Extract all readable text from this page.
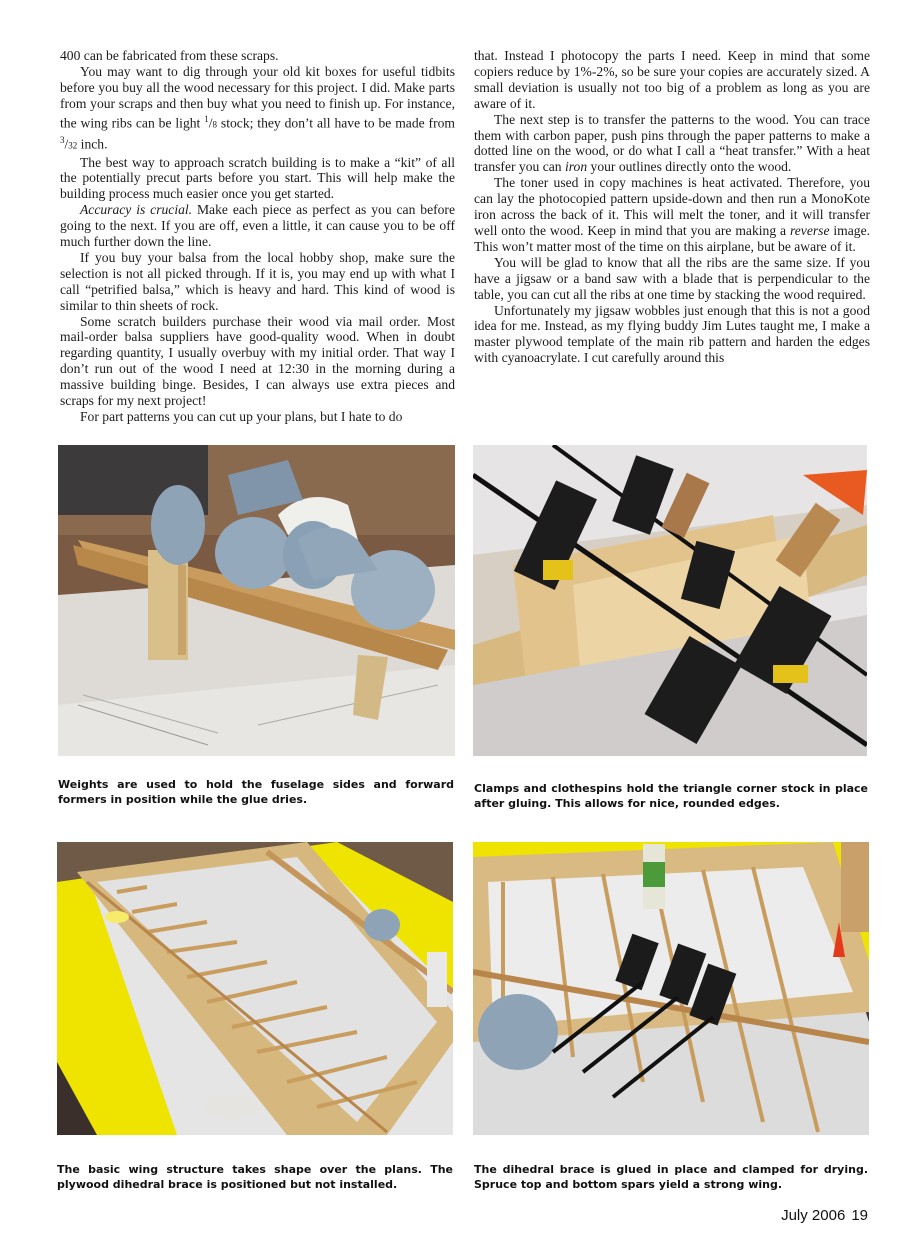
400 can be fabricated from these scraps.

You may want to dig through your old kit boxes for useful tidbits before you buy all the wood necessary for this project. I did. Make parts from your scraps and then buy what you need to finish up. For instance, the wing ribs can be light $^1$/8 stock; they don’t all have to be made from $^3$/32 inch.

The best way to approach scratch building is to make a “kit” of all the potentially precut parts before you start. This will help make the building process much easier once you get started.

Accuracy is crucial. Make each piece as perfect as you can before going to the next. If you are off, even a little, it can cause you to be off much further down the line.

If you buy your balsa from the local hobby shop, make sure the selection is not all picked through. If it is, you may end up with what I call “petrified balsa,” which is heavy and hard. This kind of wood is similar to thin sheets of rock.

Some scratch builders purchase their wood via mail order. Most mail-order balsa suppliers have good-quality wood. When in doubt regarding quantity, I usually overbuy with my initial order. That way I don’t run out of the wood I need at 12:30 in the morning during a massive building binge. Besides, I can always use extra pieces and scraps for my next project!

For part patterns you can cut up your plans, but I hate to do

that. Instead I photocopy the parts I need. Keep in mind that some copiers reduce by 1%-2%, so be sure your copies are accurately sized. A small deviation is usually not too big of a problem as long as you are aware of it.

The next step is to transfer the patterns to the wood. You can trace them with carbon paper, push pins through the paper patterns to make a dotted line on the wood, or do what I call a “heat transfer.” With a heat transfer you can iron your outlines directly onto the wood.

The toner used in copy machines is heat activated. Therefore, you can lay the photocopied pattern upside-down and then run a MonoKote iron across the back of it. This will melt the toner, and it will transfer well onto the wood. Keep in mind that you are making a reverse image. This won’t matter most of the time on this airplane, but be aware of it.

You will be glad to know that all the ribs are the same size. If you have a jigsaw or a band saw with a blade that is perpendicular to the table, you can cut all the ribs at one time by stacking the wood required.

Unfortunately my jigsaw wobbles just enough that this is not a good idea for me. Instead, as my flying buddy Jim Lutes taught me, I make a master plywood template of the main rib pattern and harden the edges with cyanoacrylate. I cut carefully around this

Weights are used to hold the fuselage sides and forward formers in position while the glue dries.
Clamps and clothespins hold the triangle corner stock in place after gluing. This allows for nice, rounded edges.
The basic wing structure takes shape over the plans. The plywood dihedral brace is positioned but not installed.
The dihedral brace is glued in place and clamped for drying. Spruce top and bottom spars yield a strong wing.
July 2006 19
